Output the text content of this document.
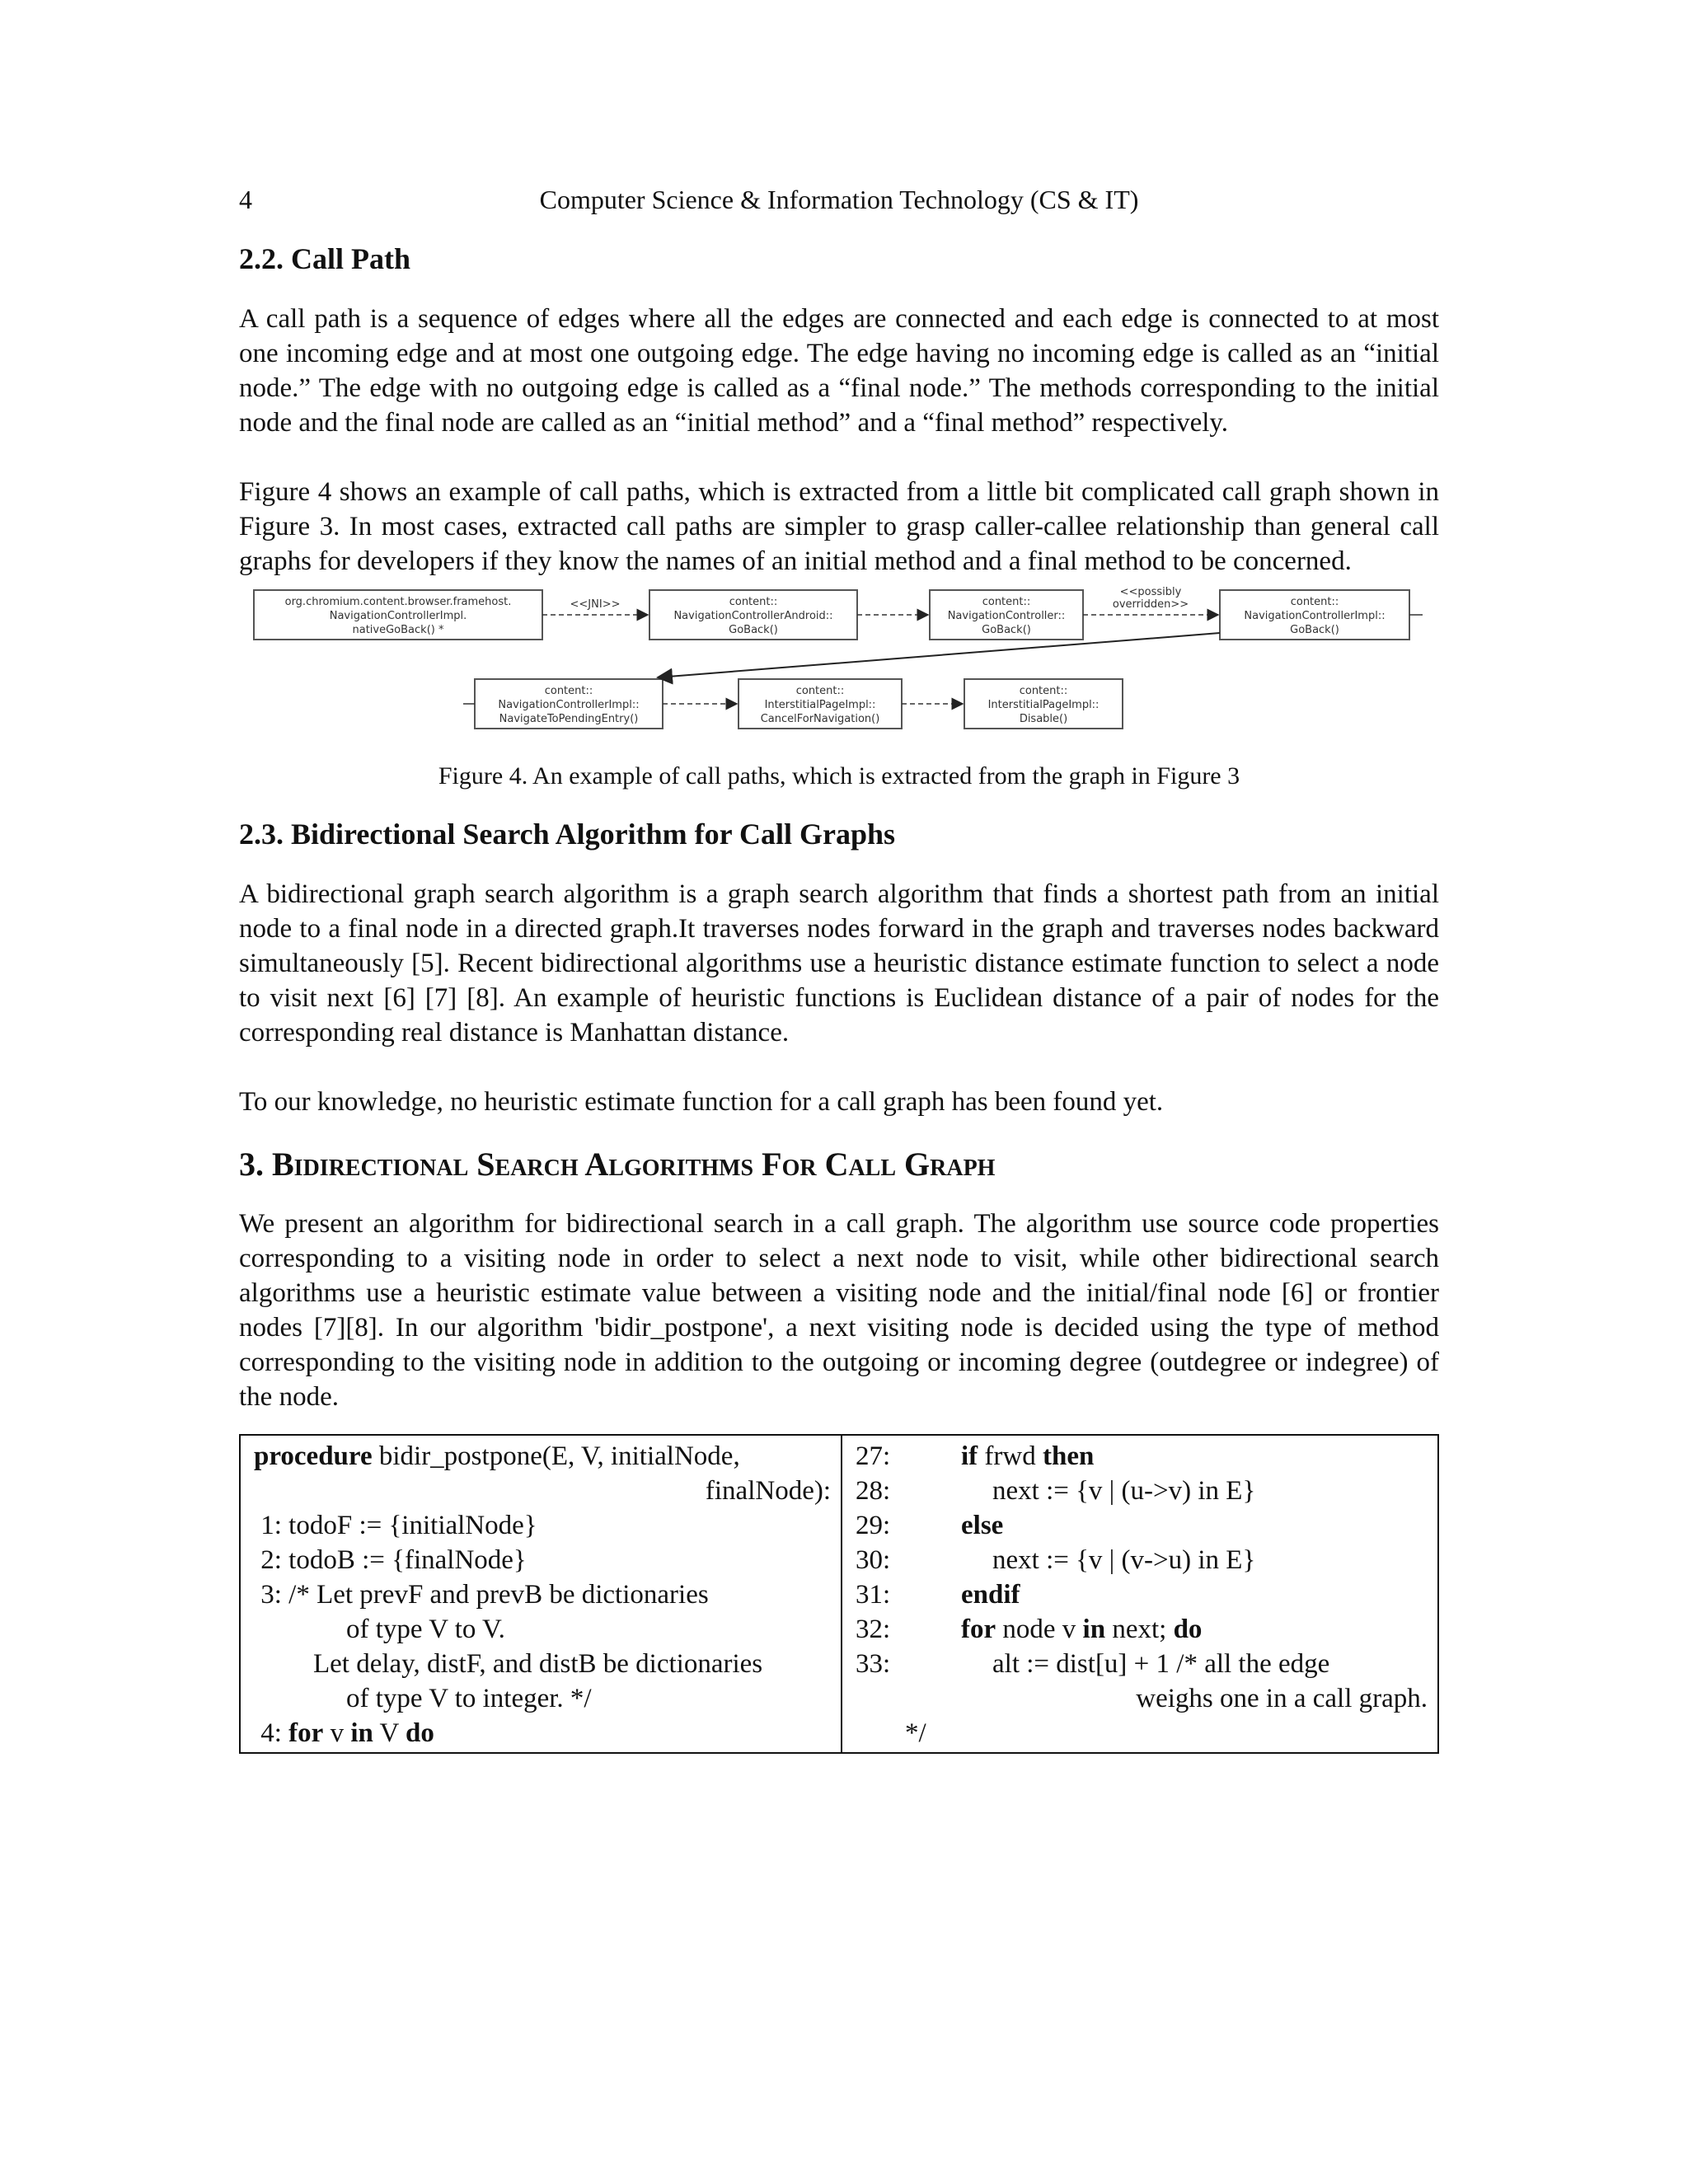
4	Computer Science & Information Technology (CS & IT)
2.2. Call Path

A call path is a sequence of edges where all the edges are connected and each edge is connected to at most one incoming edge and at most one outgoing edge. The edge having no incoming edge is called as an “initial node.” The edge with no outgoing edge is called as a “final node.” The methods corresponding to the initial node and the final node are called as an “initial method” and a “final method” respectively.

Figure 4 shows an example of call paths, which is extracted from a little bit complicated call graph shown in Figure 3. In most cases, extracted call paths are simpler to grasp caller-callee relationship than general call graphs for developers if they know the names of an initial method and a final method to be concerned.

org.chromium.content.browser.framehost.
NavigationControllerImpl.
nativeGoBack() *
content::
NavigationControllerAndroid::
GoBack()
content::
NavigationController::
GoBack()
content::
NavigationControllerImpl::
GoBack()
content::
NavigationControllerImpl::
NavigateToPendingEntry()
content::
InterstitialPageImpl::
CancelForNavigation()
content::
InterstitialPageImpl::
Disable()
<<JNI>>
<<possibly
overridden>>

Figure 4. An example of call paths, which is extracted from the graph in Figure 3

2.3. Bidirectional Search Algorithm for Call Graphs

A bidirectional graph search algorithm is a graph search algorithm that finds a shortest path from an initial node to a final node in a directed graph.It traverses nodes forward in the graph and traverses nodes backward simultaneously [5]. Recent bidirectional algorithms use a heuristic distance estimate function to select a node to visit next [6] [7] [8]. An example of heuristic functions is Euclidean distance of a pair of nodes for the corresponding real distance is Manhattan distance.

To our knowledge, no heuristic estimate function for a call graph has been found yet.

3. Bidirectional Search Algorithms For Call Graph

We present an algorithm for bidirectional search in a call graph. The algorithm use source code properties corresponding to a visiting node in order to select a next node to visit, while other bidirectional search algorithms use a heuristic estimate value between a visiting node and the initial/final node [6] or frontier nodes [7][8]. In our algorithm 'bidir_postpone', a next visiting node is decided using the type of method corresponding to the visiting node in addition to the outgoing or incoming degree (outdegree or indegree) of the node.

procedure bidir_postpone(E, V, initialNode,
finalNode):
1: todoF := {initialNode}
2: todoB := {finalNode}
3: /* Let prevF and prevB be dictionaries
of type V to V.
Let delay, distF, and distB be dictionaries
of type V to integer. */
4: for v in V do

27:	if frwd then
28:	next := {v | (u->v) in E}
29:	else
30:	next := {v | (v->u) in E}
31:	endif
32:	for node v in next; do
33:	alt := dist[u] + 1 /* all the edge
weighs one in a call graph.
*/
